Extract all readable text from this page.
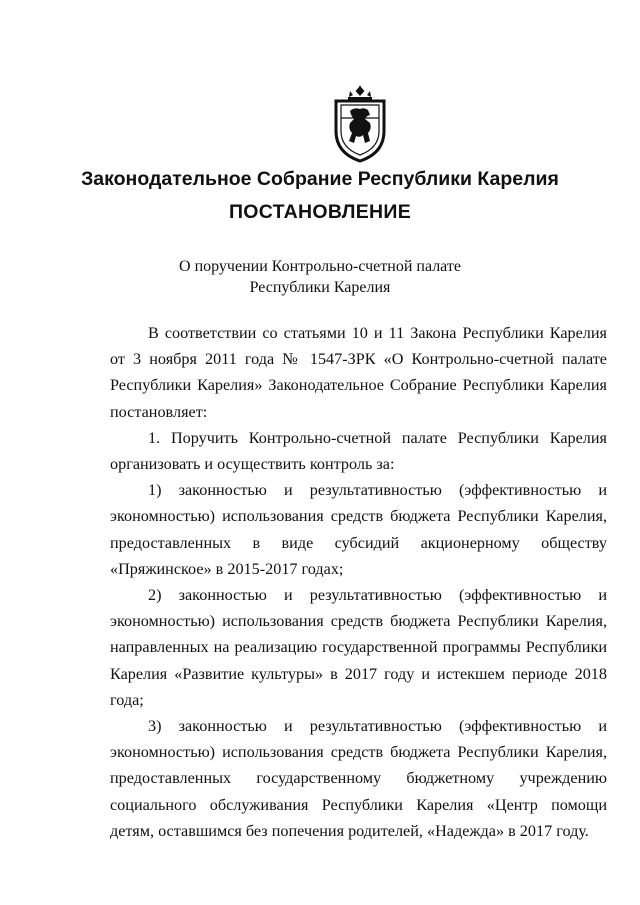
Законодательное Собрание Республики Карелия
ПОСТАНОВЛЕНИЕ
О поручении Контрольно-счетной палате
Республики Карелия

В соответствии со статьями 10 и 11 Закона Республики Карелия от 3 ноября 2011 года № 1547-ЗРК «О Контрольно-счетной палате Республики Карелия» Законодательное Собрание Республики Карелия постановляет:

1. Поручить Контрольно-счетной палате Республики Карелия организовать и осуществить контроль за:

1) законностью и результативностью (эффективностью и экономностью) использования средств бюджета Республики Карелия, предоставленных в виде субсидий акционерному обществу «Пряжинское» в 2015-2017 годах;

2) законностью и результативностью (эффективностью и экономностью) использования средств бюджета Республики Карелия, направленных на реализацию государственной программы Республики Карелия «Развитие культуры» в 2017 году и истекшем периоде 2018 года;

3) законностью и результативностью (эффективностью и экономностью) использования средств бюджета Республики Карелия, предоставленных государственному бюджетному учреждению социального обслуживания Республики Карелия «Центр помощи детям, оставшимся без попечения родителей, «Надежда» в 2017 году.
